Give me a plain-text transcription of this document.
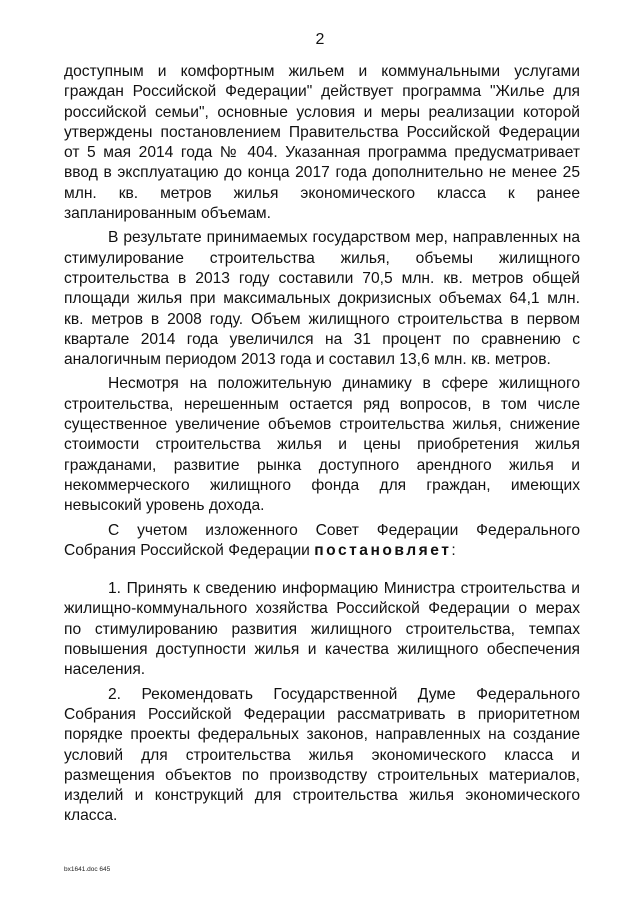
2

доступным и комфортным жильем и коммунальными услугами граждан Российской Федерации" действует программа "Жилье для российской семьи", основные условия и меры реализации которой утверждены постановлением Правительства Российской Федерации от 5 мая 2014 года № 404. Указанная программа предусматривает ввод в эксплуатацию до конца 2017 года дополнительно не менее 25 млн. кв. метров жилья экономического класса к ранее запланированным объемам.

В результате принимаемых государством мер, направленных на стимулирование строительства жилья, объемы жилищного строительства в 2013 году составили 70,5 млн. кв. метров общей площади жилья при максимальных докризисных объемах 64,1 млн. кв. метров в 2008 году. Объем жилищного строительства в первом квартале 2014 года увеличился на 31 процент по сравнению с аналогичным периодом 2013 года и составил 13,6 млн. кв. метров.

Несмотря на положительную динамику в сфере жилищного строительства, нерешенным остается ряд вопросов, в том числе существенное увеличение объемов строительства жилья, снижение стоимости строительства жилья и цены приобретения жилья гражданами, развитие рынка доступного арендного жилья и некоммерческого жилищного фонда для граждан, имеющих невысокий уровень дохода.

С учетом изложенного Совет Федерации Федерального Собрания Российской Федерации постановляет:

1. Принять к сведению информацию Министра строительства и жилищно-коммунального хозяйства Российской Федерации о мерах по стимулированию развития жилищного строительства, темпах повышения доступности жилья и качества жилищного обеспечения населения.

2. Рекомендовать Государственной Думе Федерального Собрания Российской Федерации рассматривать в приоритетном порядке проекты федеральных законов, направленных на создание условий для строительства жилья экономического класса и размещения объектов по производству строительных материалов, изделий и конструкций для строительства жилья экономического класса.

bx1641.doc 645
